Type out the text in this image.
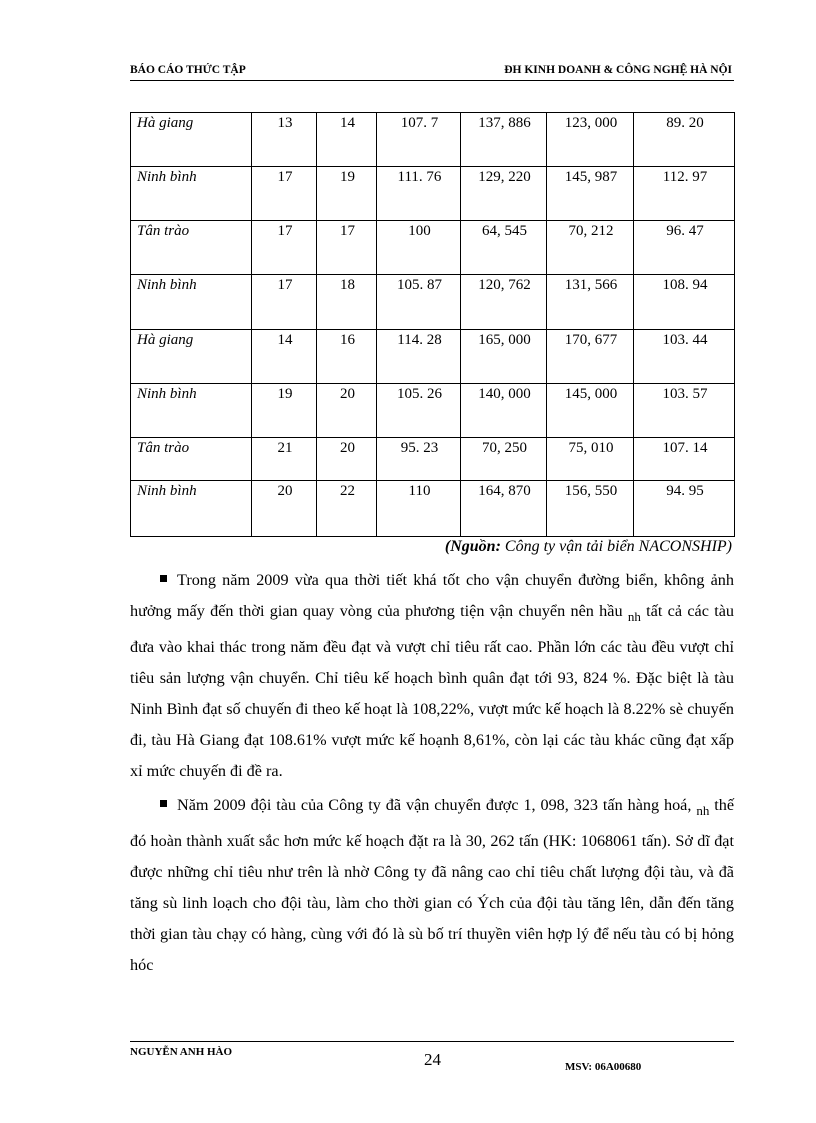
BÁO CÁO THỨC TẬP	ĐH KINH DOANH & CÔNG NGHỆ HÀ NỘI
Hà giang	13	14	107. 7	137, 886	123, 000	89. 20
Ninh bình	17	19	111. 76	129, 220	145, 987	112. 97
Tân trào	17	17	100	64, 545	70, 212	96. 47
Ninh bình	17	18	105. 87	120, 762	131, 566	108. 94
Hà giang	14	16	114. 28	165, 000	170, 677	103. 44
Ninh bình	19	20	105. 26	140, 000	145, 000	103. 57
Tân trào	21	20	95. 23	70, 250	75, 010	107. 14
Ninh bình	20	22	110	164, 870	156, 550	94. 95
(Nguồn: Công ty vận tải biển NACONSHIP)

Trong năm 2009 vừa qua thời tiết khá tốt cho vận chuyển đường biển, không ảnh hưởng mấy đến thời gian quay vòng của phương tiện vận chuyển nên hầu $_{nh}$ tất cả các tàu đưa vào khai thác trong năm đều đạt và vượt chỉ tiêu rất cao. Phần lớn các tàu đều vượt chỉ tiêu sản lượng vận chuyển. Chỉ tiêu kế hoạch bình quân đạt tới 93, 824 %. Đặc biệt là tàu Ninh Bình đạt số chuyến đi theo kế hoạt là 108,22%, vượt mức kế hoạch là 8.22% sè chuyến đi, tàu Hà Giang đạt 108.61% vượt mức kế hoạnh 8,61%, còn lại các tàu khác cũng đạt xấp xỉ mức chuyến đi đề ra.

Năm 2009 đội tàu của Công ty đã vận chuyển được 1, 098, 323 tấn hàng hoá, $_{nh}$ thế đó hoàn thành xuất sắc hơn mức kế hoạch đặt ra là 30, 262 tấn (HK: 1068061 tấn). Sở dĩ đạt được những chỉ tiêu như trên là nhờ Công ty đã nâng cao chỉ tiêu chất lượng đội tàu, và đã tăng sù linh loạch cho đội tàu, làm cho thời gian có Ých của đội tàu tăng lên, dẫn đến tăng thời gian tàu chạy có hàng, cùng với đó là sù bố trí thuyền viên hợp lý để nếu tàu có bị hỏng hóc

NGUYỄN ANH HÀO	24	MSV: 06A00680
